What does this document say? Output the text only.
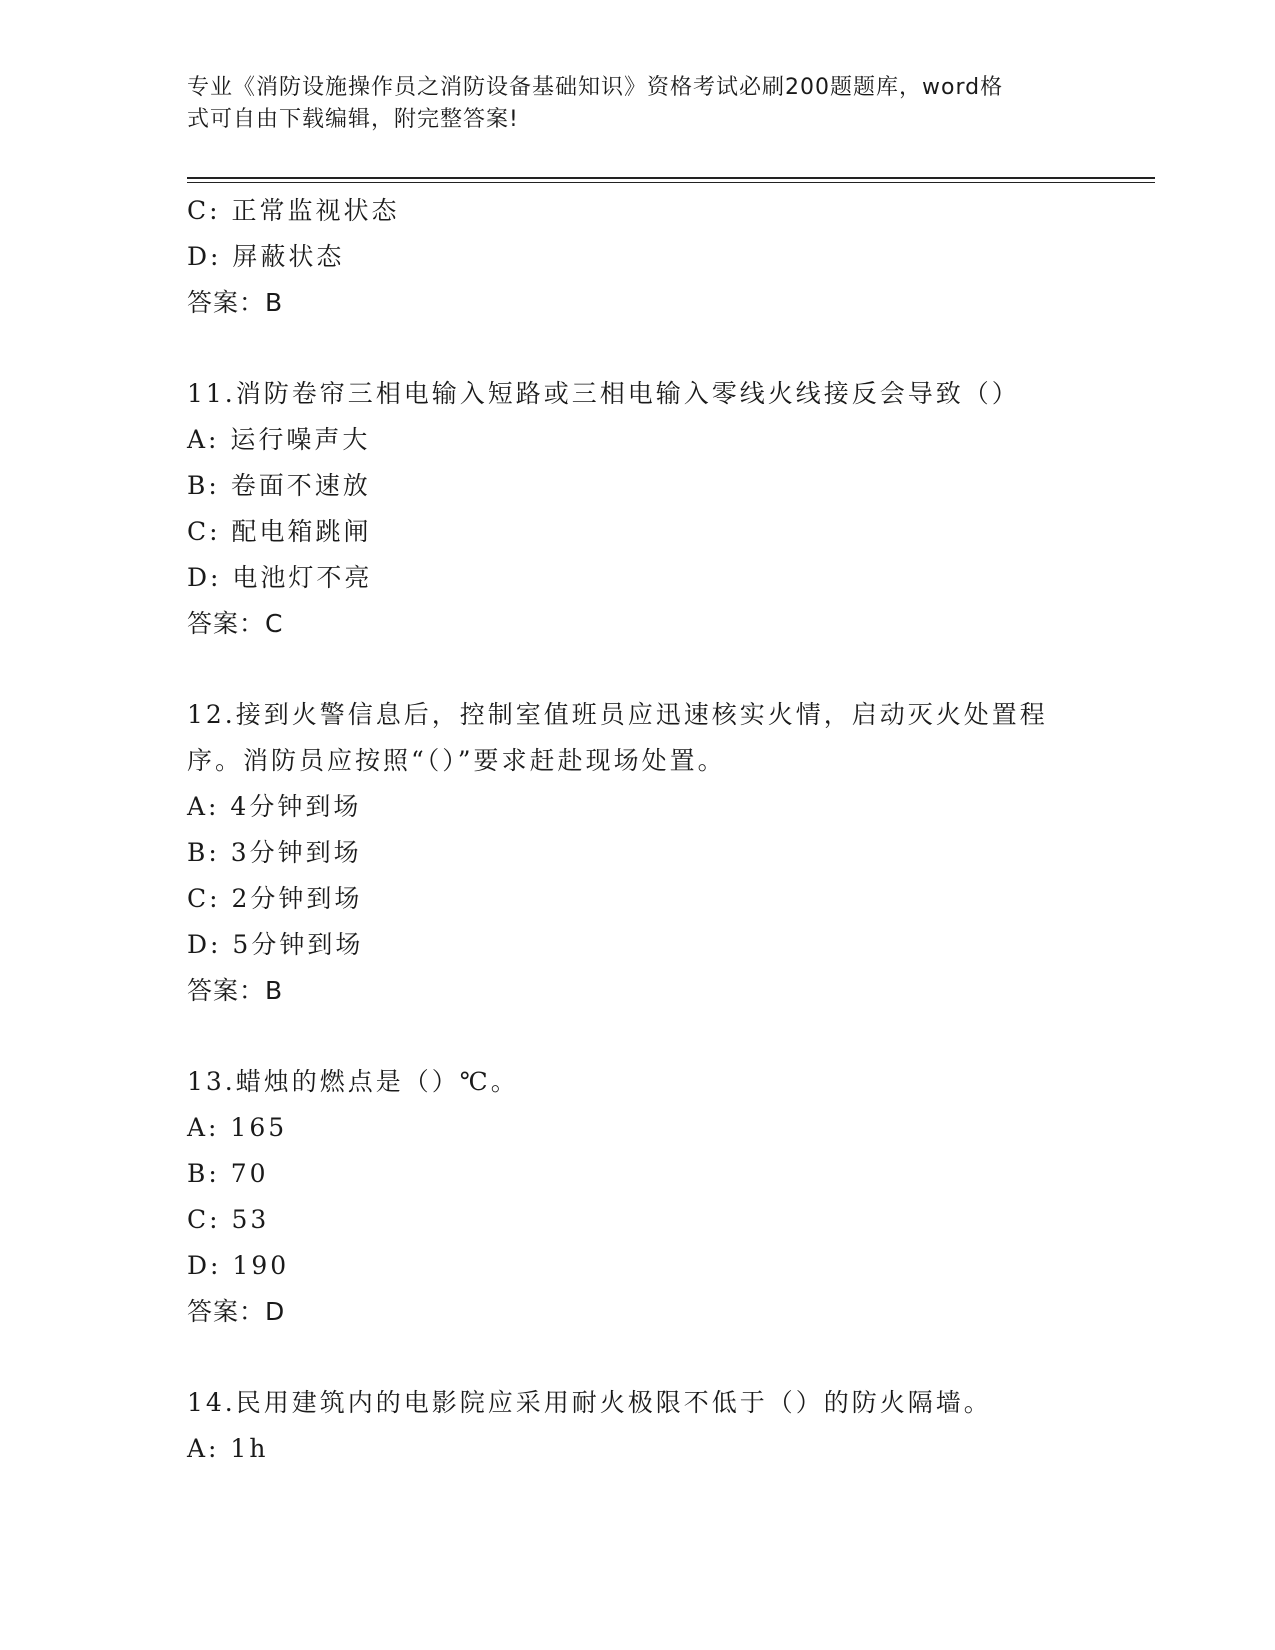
专业《消防设施操作员之消防设备基础知识》资格考试必刷200题题库，word格
式可自由下载编辑，附完整答案!
C: 正常监视状态
D: 屏蔽状态
答案：B
11.消防卷帘三相电输入短路或三相电输入零线火线接反会导致（）
A: 运行噪声大
B: 卷面不速放
C: 配电箱跳闸
D: 电池灯不亮
答案：C
12.接到火警信息后，控制室值班员应迅速核实火情，启动灭火处置程
序。消防员应按照“（）”要求赶赴现场处置。
A: 4分钟到场
B: 3分钟到场
C: 2分钟到场
D: 5分钟到场
答案：B
13.蜡烛的燃点是（）℃。
A: 165
B: 70
C: 53
D: 190
答案：D
14.民用建筑内的电影院应采用耐火极限不低于（）的防火隔墙。
A: 1h
